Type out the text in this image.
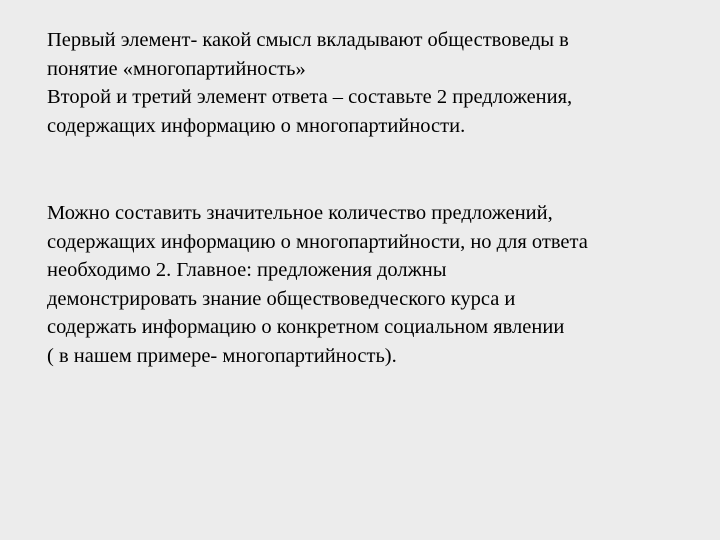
Первый элемент- какой смысл вкладывают обществоведы в
понятие «многопартийность»
Второй и третий элемент ответа – составьте 2 предложения,
содержащих информацию о многопартийности.
Можно составить значительное количество предложений,
содержащих информацию о многопартийности, но для ответа
необходимо 2. Главное: предложения должны
демонстрировать знание обществоведческого курса и
содержать информацию о конкретном социальном явлении
( в нашем примере- многопартийность).
